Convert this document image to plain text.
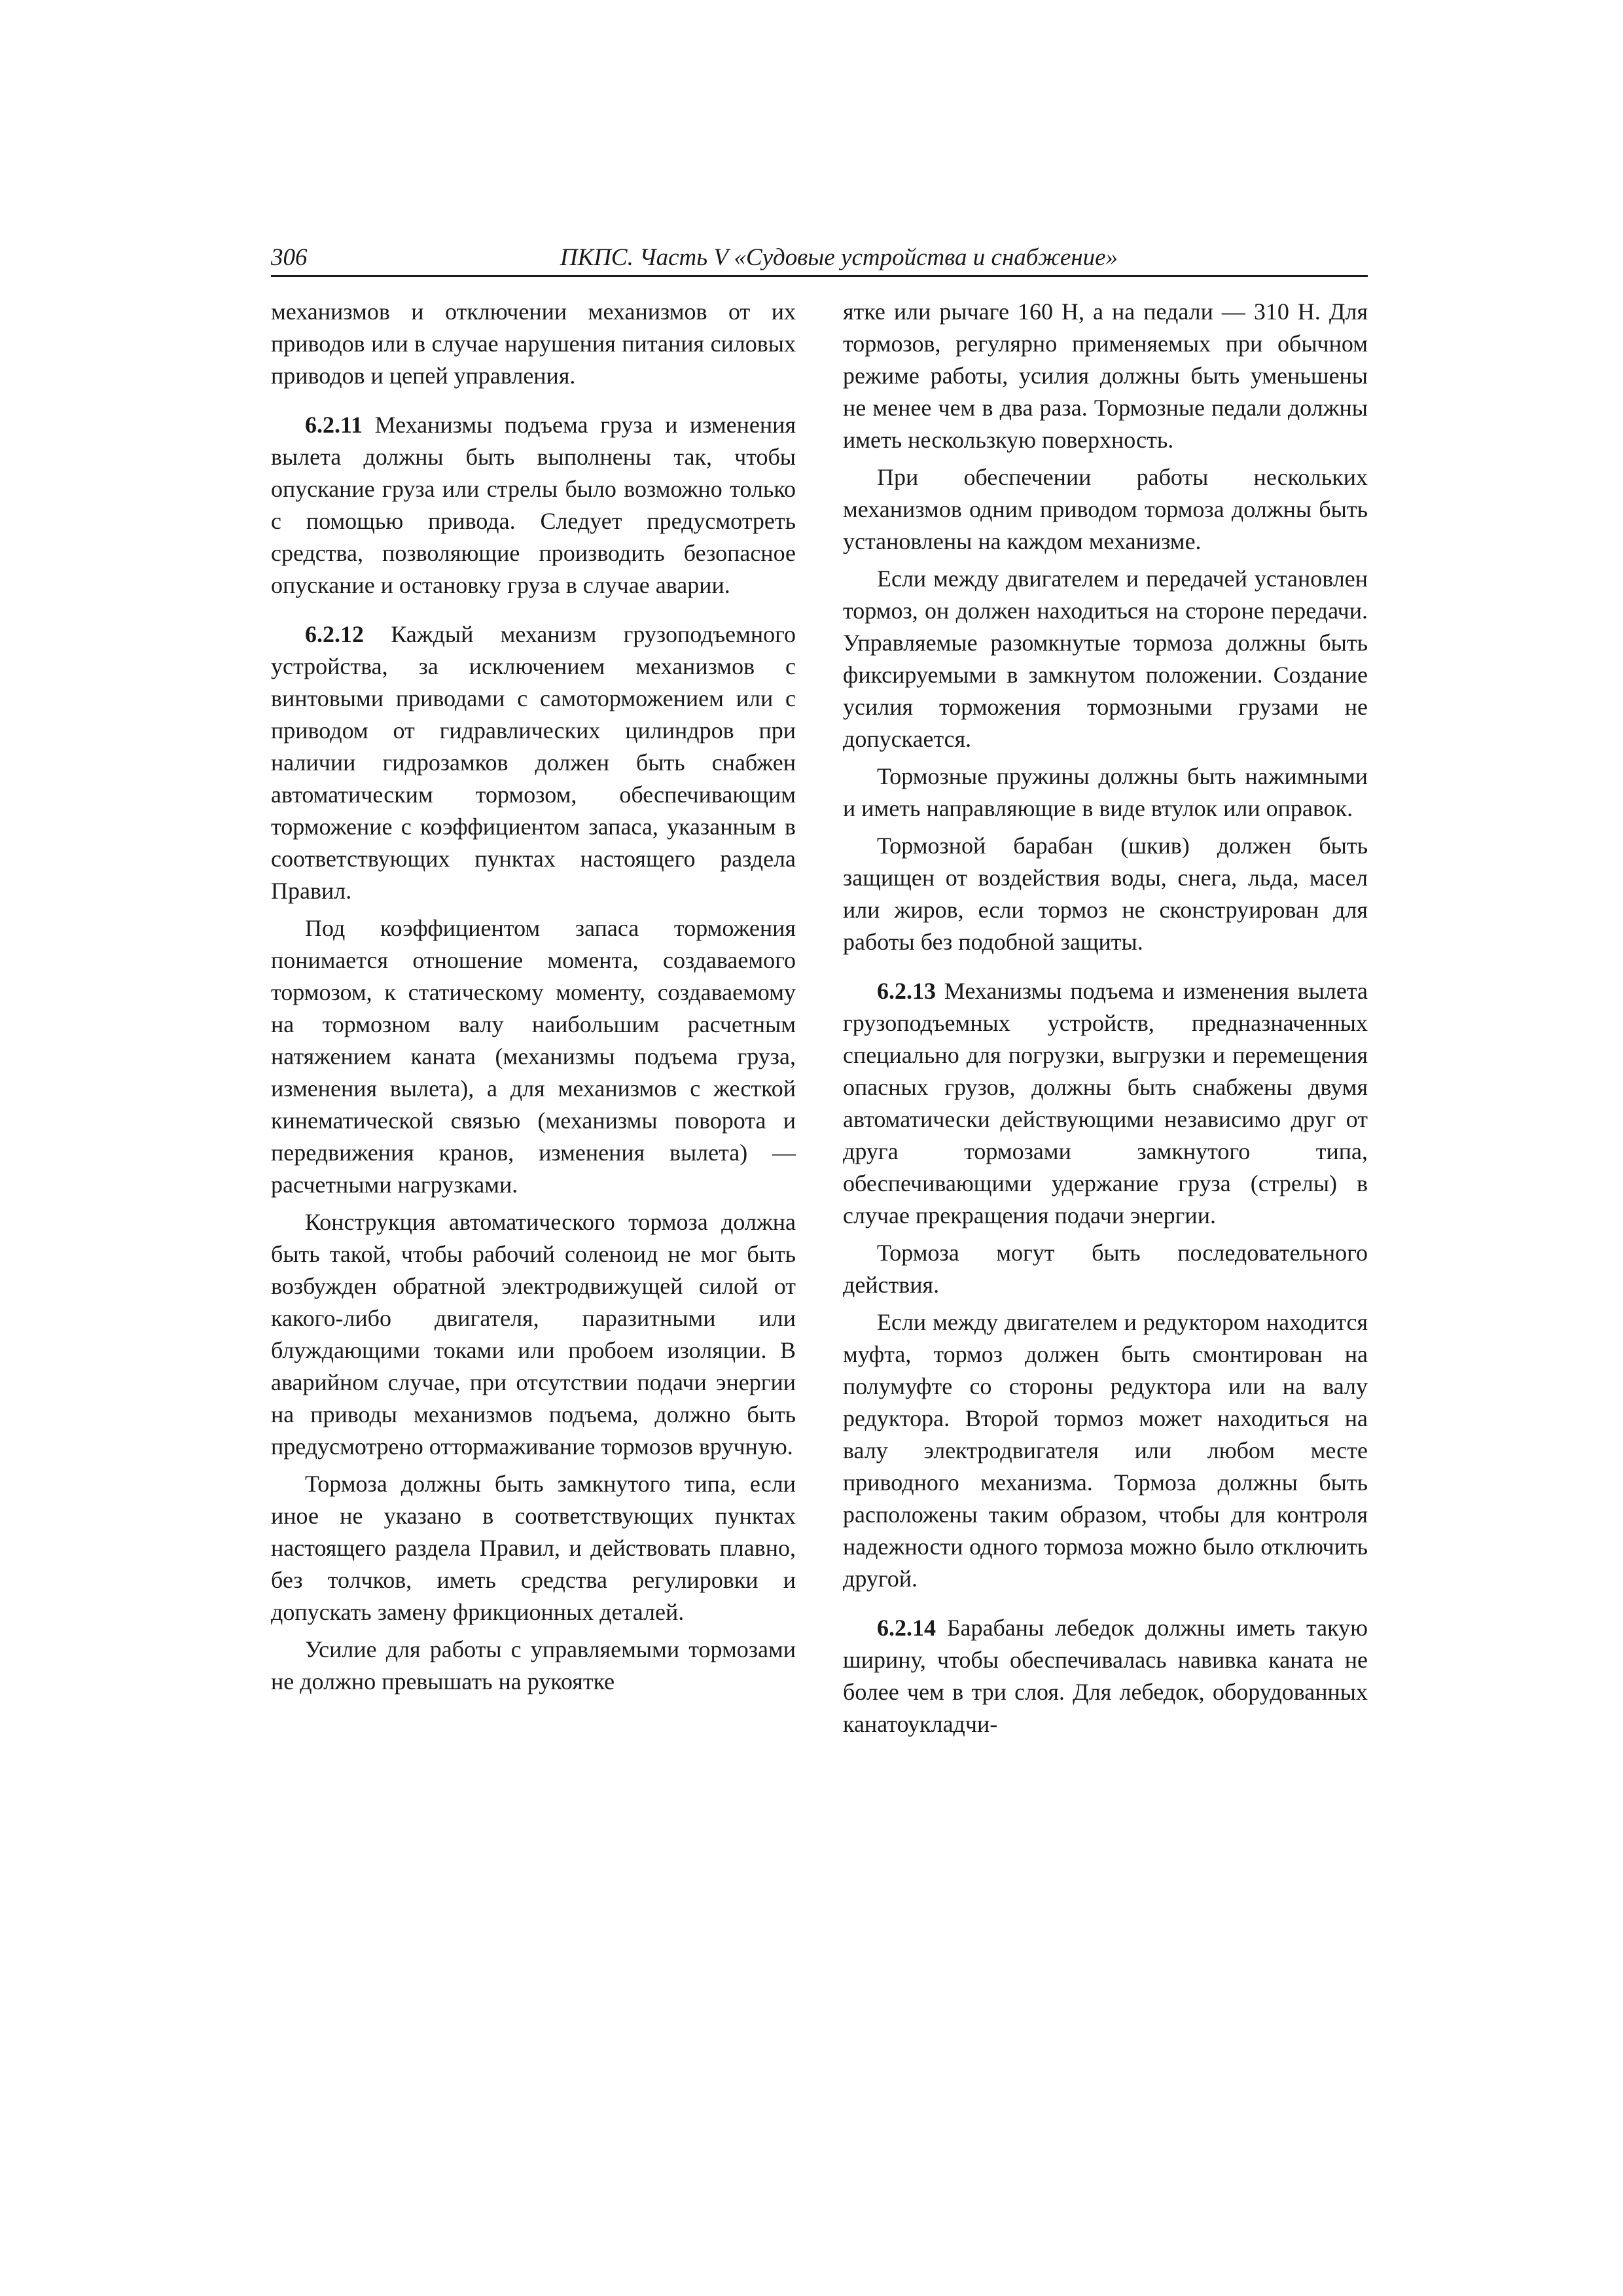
306	ПКПС. Часть V «Судовые устройства и снабжение»

механизмов и отключении механизмов от их приводов или в случае нарушения питания силовых приводов и цепей управления.

6.2.11 Механизмы подъема груза и изменения вылета должны быть выполнены так, чтобы опускание груза или стрелы было возможно только с помощью привода. Следует предусмотреть средства, позволяющие производить безопасное опускание и остановку груза в случае аварии.

6.2.12 Каждый механизм грузоподъемного устройства, за исключением механизмов с винтовыми приводами с самоторможением или с приводом от гидравлических цилиндров при наличии гидрозамков должен быть снабжен автоматическим тормозом, обеспечивающим торможение с коэффициентом запаса, указанным в соответствующих пунктах настоящего раздела Правил.

Под коэффициентом запаса торможения понимается отношение момента, создаваемого тормозом, к статическому моменту, создаваемому на тормозном валу наибольшим расчетным натяжением каната (механизмы подъема груза, изменения вылета), а для механизмов с жесткой кинематической связью (механизмы поворота и передвижения кранов, изменения вылета) — расчетными нагрузками.

Конструкция автоматического тормоза должна быть такой, чтобы рабочий соленоид не мог быть возбужден обратной электродвижущей силой от какого-либо двигателя, паразитными или блуждающими токами или пробоем изоляции. В аварийном случае, при отсутствии подачи энергии на приводы механизмов подъема, должно быть предусмотрено оттормаживание тормозов вручную.

Тормоза должны быть замкнутого типа, если иное не указано в соответствующих пунктах настоящего раздела Правил, и действовать плавно, без толчков, иметь средства регулировки и допускать замену фрикционных деталей.

Усилие для работы с управляемыми тормозами не должно превышать на рукоятке

ятке или рычаге 160 Н, а на педали — 310 Н. Для тормозов, регулярно применяемых при обычном режиме работы, усилия должны быть уменьшены не менее чем в два раза. Тормозные педали должны иметь нескользкую поверхность.

При обеспечении работы нескольких механизмов одним приводом тормоза должны быть установлены на каждом механизме.

Если между двигателем и передачей установлен тормоз, он должен находиться на стороне передачи. Управляемые разомкнутые тормоза должны быть фиксируемыми в замкнутом положении. Создание усилия торможения тормозными грузами не допускается.

Тормозные пружины должны быть нажимными и иметь направляющие в виде втулок или оправок.

Тормозной барабан (шкив) должен быть защищен от воздействия воды, снега, льда, масел или жиров, если тормоз не сконструирован для работы без подобной защиты.

6.2.13 Механизмы подъема и изменения вылета грузоподъемных устройств, предназначенных специально для погрузки, выгрузки и перемещения опасных грузов, должны быть снабжены двумя автоматически действующими независимо друг от друга тормозами замкнутого типа, обеспечивающими удержание груза (стрелы) в случае прекращения подачи энергии.

Тормоза могут быть последовательного действия.

Если между двигателем и редуктором находится муфта, тормоз должен быть смонтирован на полумуфте со стороны редуктора или на валу редуктора. Второй тормоз может находиться на валу электродвигателя или любом месте приводного механизма. Тормоза должны быть расположены таким образом, чтобы для контроля надежности одного тормоза можно было отключить другой.

6.2.14 Барабаны лебедок должны иметь такую ширину, чтобы обеспечивалась навивка каната не более чем в три слоя. Для лебедок, оборудованных канатоукладчи-
